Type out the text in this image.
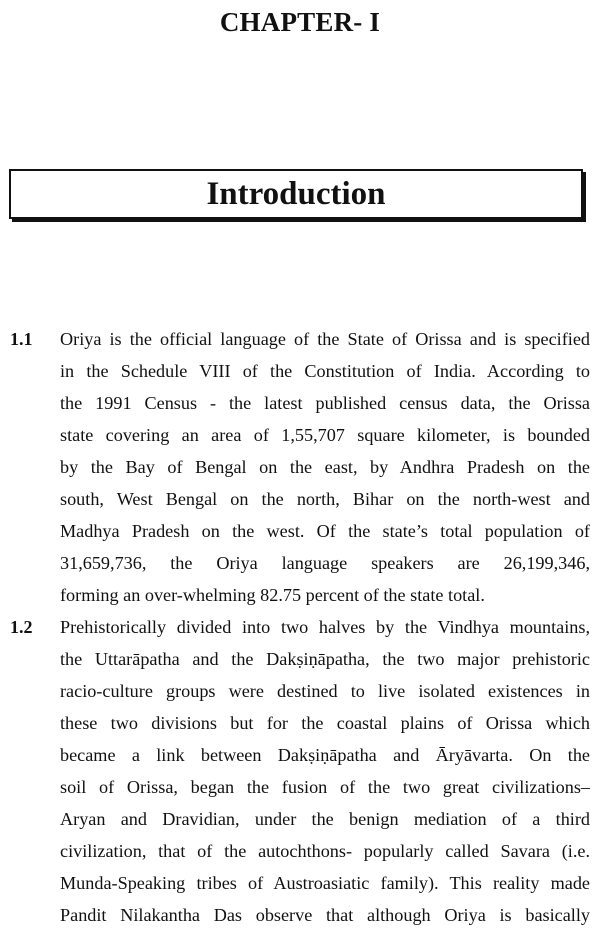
CHAPTER- I
Introduction
1.1 Oriya is the official language of the State of Orissa and is specified
in the Schedule VIII of the Constitution of India. According to
the 1991 Census - the latest published census data, the Orissa
state covering an area of 1,55,707 square kilometer, is bounded
by the Bay of Bengal on the east, by Andhra Pradesh on the
south, West Bengal on the north, Bihar on the north-west and
Madhya Pradesh on the west. Of the state’s total population of
31,659,736, the Oriya language speakers are 26,199,346,
forming an over-whelming 82.75 percent of the state total.
1.2 Prehistorically divided into two halves by the Vindhya mountains,
the Uttarāpatha and the Dakṣiṇāpatha, the two major prehistoric
racio-culture groups were destined to live isolated existences in
these two divisions but for the coastal plains of Orissa which
became a link between Dakṣiṇāpatha and Āryāvarta. On the
soil of Orissa, began the fusion of the two great civilizations–
Aryan and Dravidian, under the benign mediation of a third
civilization, that of the autochthons- popularly called Savara (i.e.
Munda-Speaking tribes of Austroasiatic family). This reality made
Pandit Nilakantha Das observe that although Oriya is basically
